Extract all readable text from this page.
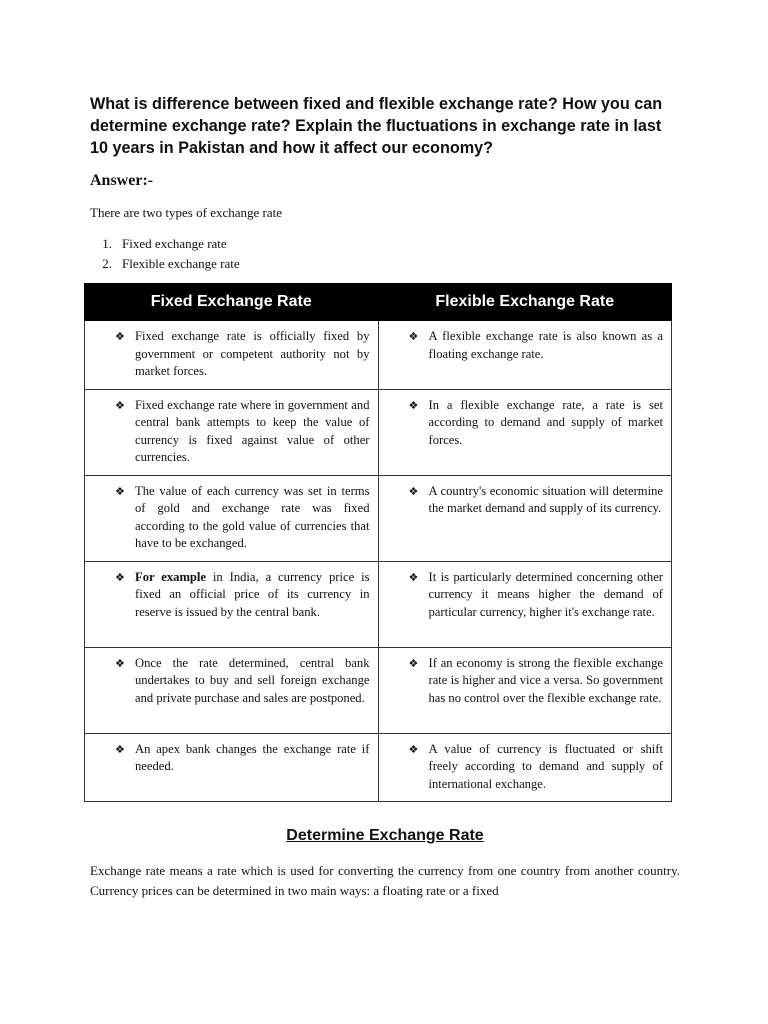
What is difference between fixed and flexible exchange rate? How you can determine exchange rate? Explain the fluctuations in exchange rate in last 10 years in Pakistan and how it affect our economy?

Answer:-

There are two types of exchange rate

1. Fixed exchange rate
2. Flexible exchange rate
Determine Exchange Rate

Exchange rate means a rate which is used for converting the currency from one country from another country. Currency prices can be determined in two main ways: a floating rate or a fixed

Fixed Exchange Rate	Flexible Exchange Rate

❖ Fixed exchange rate is officially fixed by government or competent authority not by market forces.	❖ A flexible exchange rate is also known as a floating exchange rate.

❖ Fixed exchange rate where in government and central bank attempts to keep the value of currency is fixed against value of other currencies.	❖ In a flexible exchange rate, a rate is set according to demand and supply of market forces.

❖ The value of each currency was set in terms of gold and exchange rate was fixed according to the gold value of currencies that have to be exchanged.	❖ A country's economic situation will determine the market demand and supply of its currency.

❖ For example in India, a currency price is fixed an official price of its currency in reserve is issued by the central bank.	❖ It is particularly determined concerning other currency it means higher the demand of particular currency, higher it's exchange rate.

❖ Once the rate determined, central bank undertakes to buy and sell foreign exchange and private purchase and sales are postponed.	❖ If an economy is strong the flexible exchange rate is higher and vice a versa. So government has no control over the flexible exchange rate.

❖ An apex bank changes the exchange rate if needed.	❖ A value of currency is fluctuated or shift freely according to demand and supply of international exchange.
